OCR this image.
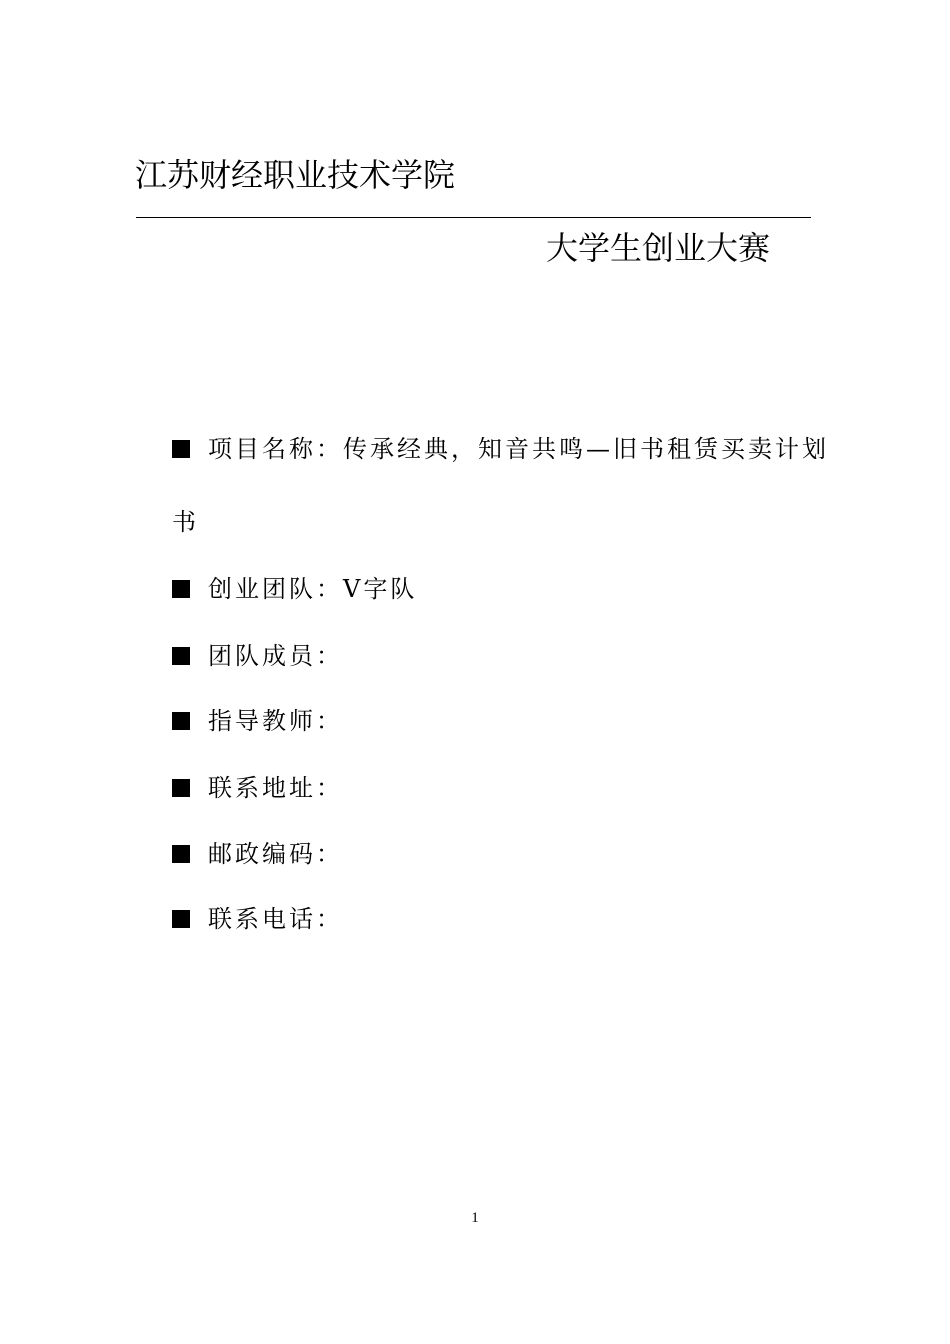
江苏财经职业技术学院
大学生创业大赛
项目名称：传承经典，知音共鸣—旧书租赁买卖计划
书
创业团队：V字队
团队成员：
指导教师：
联系地址：
邮政编码：
联系电话：
1
